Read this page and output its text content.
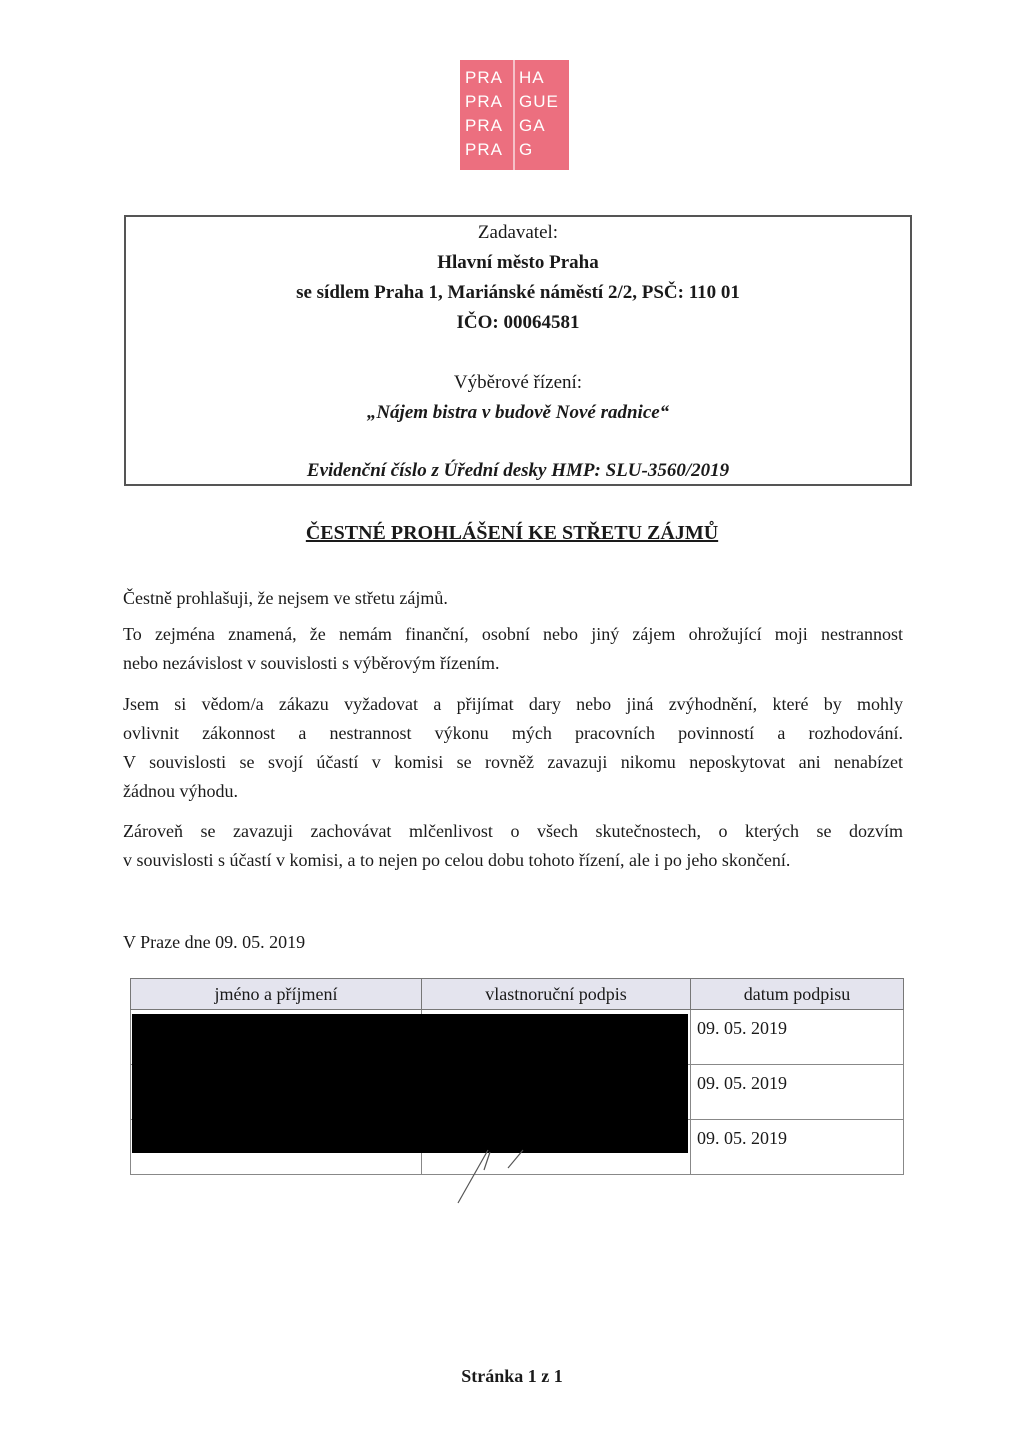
PRA
PRA
PRA
PRA
HA
GUE
GA
G
Zadavatel:
Hlavní město Praha
se sídlem Praha 1, Mariánské náměstí 2/2, PSČ: 110 01
IČO: 00064581
Výběrové řízení:
„Nájem bistra v budově Nové radnice“
Evidenční číslo z Úřední desky HMP: SLU-3560/2019
ČESTNÉ PROHLÁŠENÍ KE STŘETU ZÁJMŮ
Čestně prohlašuji, že nejsem ve střetu zájmů.
To zejména znamená, že nemám finanční, osobní nebo jiný zájem ohrožující moji nestrannost
nebo nezávislost v souvislosti s výběrovým řízením.
Jsem si vědom/a zákazu vyžadovat a přijímat dary nebo jiná zvýhodnění, které by mohly
ovlivnit zákonnost a nestrannost výkonu mých pracovních povinností a rozhodování.
V souvislosti se svojí účastí v komisi se rovněž zavazuji nikomu neposkytovat ani nenabízet
žádnou výhodu.
Zároveň se zavazuji zachovávat mlčenlivost o všech skutečnostech, o kterých se dozvím
v souvislosti s účastí v komisi, a to nejen po celou dobu tohoto řízení, ale i po jeho skončení.
V Praze dne 09. 05. 2019
jméno a příjmení	vlastnoruční podpis	datum podpisu
		09. 05. 2019
		09. 05. 2019
		09. 05. 2019
Stránka 1 z 1
